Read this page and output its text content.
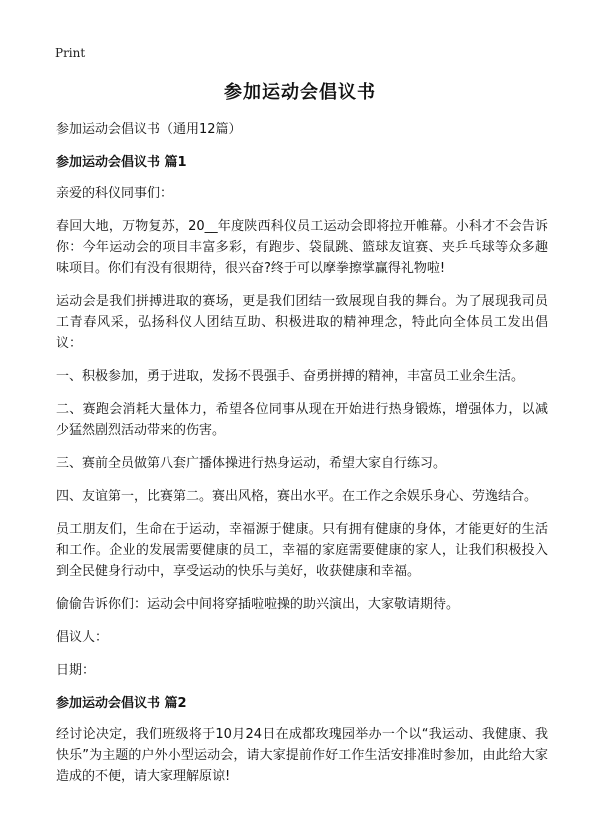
Print
参加运动会倡议书

参加运动会倡议书（通用12篇）

参加运动会倡议书 篇1

亲爱的科仪同事们：

春回大地，万物复苏，20__年度陕西科仪员工运动会即将拉开帷幕。小科才不会告诉你：今年运动会的项目丰富多彩，有跑步、袋鼠跳、篮球友谊赛、夹乒乓球等众多趣味项目。你们有没有很期待，很兴奋?终于可以摩拳擦掌赢得礼物啦!

运动会是我们拼搏进取的赛场，更是我们团结一致展现自我的舞台。为了展现我司员工青春风采，弘扬科仪人团结互助、积极进取的精神理念，特此向全体员工发出倡议：

一、积极参加，勇于进取，发扬不畏强手、奋勇拼搏的精神，丰富员工业余生活。

二、赛跑会消耗大量体力，希望各位同事从现在开始进行热身锻炼，增强体力，以减少猛然剧烈活动带来的伤害。

三、赛前全员做第八套广播体操进行热身运动，希望大家自行练习。

四、友谊第一，比赛第二。赛出风格，赛出水平。在工作之余娱乐身心、劳逸结合。

员工朋友们，生命在于运动，幸福源于健康。只有拥有健康的身体，才能更好的生活和工作。企业的发展需要健康的员工，幸福的家庭需要健康的家人，让我们积极投入到全民健身行动中，享受运动的快乐与美好，收获健康和幸福。

偷偷告诉你们：运动会中间将穿插啦啦操的助兴演出，大家敬请期待。

倡议人：

日期：

参加运动会倡议书 篇2

经讨论决定，我们班级将于10月24日在成都玫瑰园举办一个以“我运动、我健康、我快乐”为主题的户外小型运动会，请大家提前作好工作生活安排准时参加，由此给大家造成的不便，请大家理解原谅!
